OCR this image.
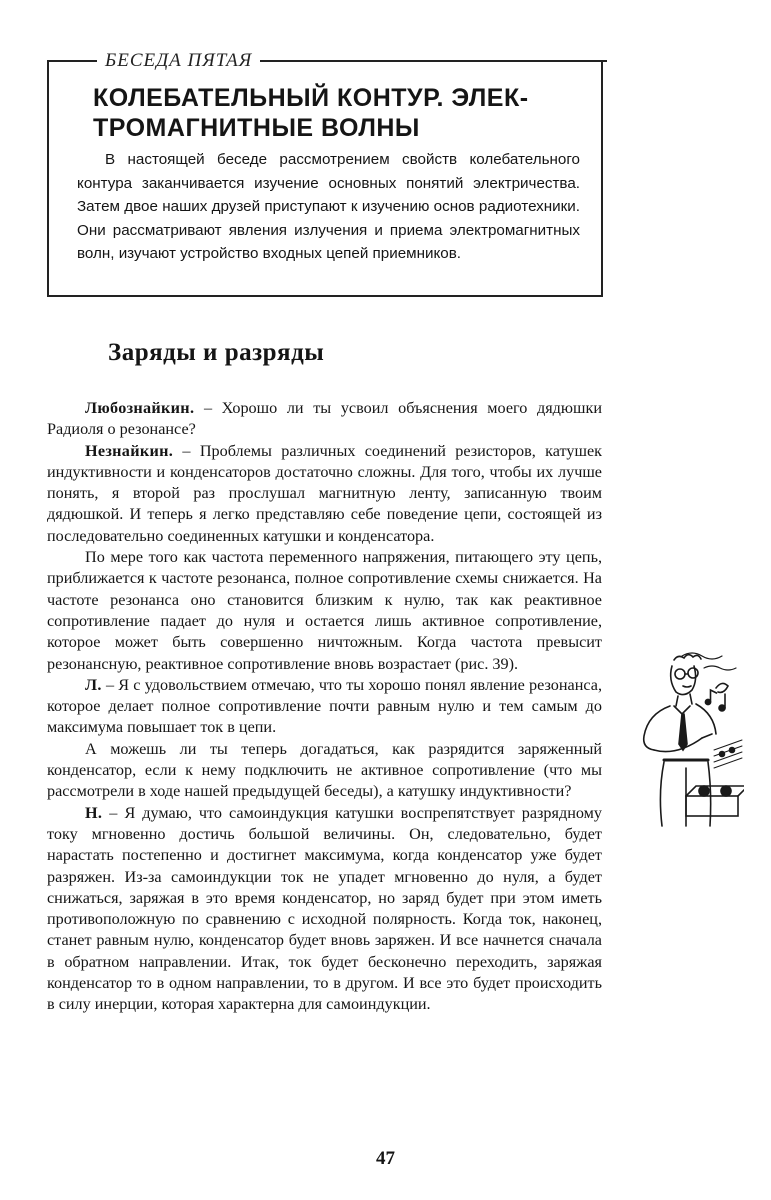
БЕСЕДА ПЯТАЯ
КОЛЕБАТЕЛЬНЫЙ КОНТУР. ЭЛЕК-ТРОМАГНИТНЫЕ ВОЛНЫ

В настоящей беседе рассмотрением свойств колебательного контура заканчивается изучение основных понятий электричества. Затем двое наших друзей приступают к изучению основ радиотехники. Они рассматривают явления излучения и приема электромагнитных волн, изучают устройство входных цепей приемников.

Заряды и разряды

Любознайкин. – Хорошо ли ты усвоил объяснения моего дядюшки Радиоля о резонансе?

Незнайкин. – Проблемы различных соединений резисторов, катушек индуктивности и конденсаторов достаточно сложны. Для того, чтобы их лучше понять, я второй раз прослушал магнитную ленту, записанную твоим дядюшкой. И теперь я легко представляю себе поведение цепи, состоящей из последовательно соединенных катушки и конденсатора.

По мере того как частота переменного напряжения, питающего эту цепь, приближается к частоте резонанса, полное сопротивление схемы снижается. На частоте резонанса оно становится близким к нулю, так как реактивное сопротивление падает до нуля и остается лишь активное сопротивление, которое может быть совершенно ничтожным. Когда частота превысит резонансную, реактивное сопротивление вновь возрастает (рис. 39).

Л. – Я с удовольствием отмечаю, что ты хорошо понял явление резонанса, которое делает полное сопротивление почти равным нулю и тем самым до максимума повышает ток в цепи.

А можешь ли ты теперь догадаться, как разрядится заряженный конденсатор, если к нему подключить не активное сопротивление (что мы рассмотрели в ходе нашей предыдущей беседы), а катушку индуктивности?

Н. – Я думаю, что самоиндукция катушки воспрепятствует разрядному току мгновенно достичь большой величины. Он, следовательно, будет нарастать постепенно и достигнет максимума, когда конденсатор уже будет разряжен. Из-за самоиндукции ток не упадет мгновенно до нуля, а будет снижаться, заряжая в это время конденсатор, но заряд будет при этом иметь противоположную по сравнению с исходной полярность. Когда ток, наконец, станет равным нулю, конденсатор будет вновь заряжен. И все начнется сначала в обратном направлении. Итак, ток будет бесконечно переходить, заряжая конденсатор то в одном направлении, то в другом. И все это будет происходить в силу инерции, которая характерна для самоиндукции.

47
